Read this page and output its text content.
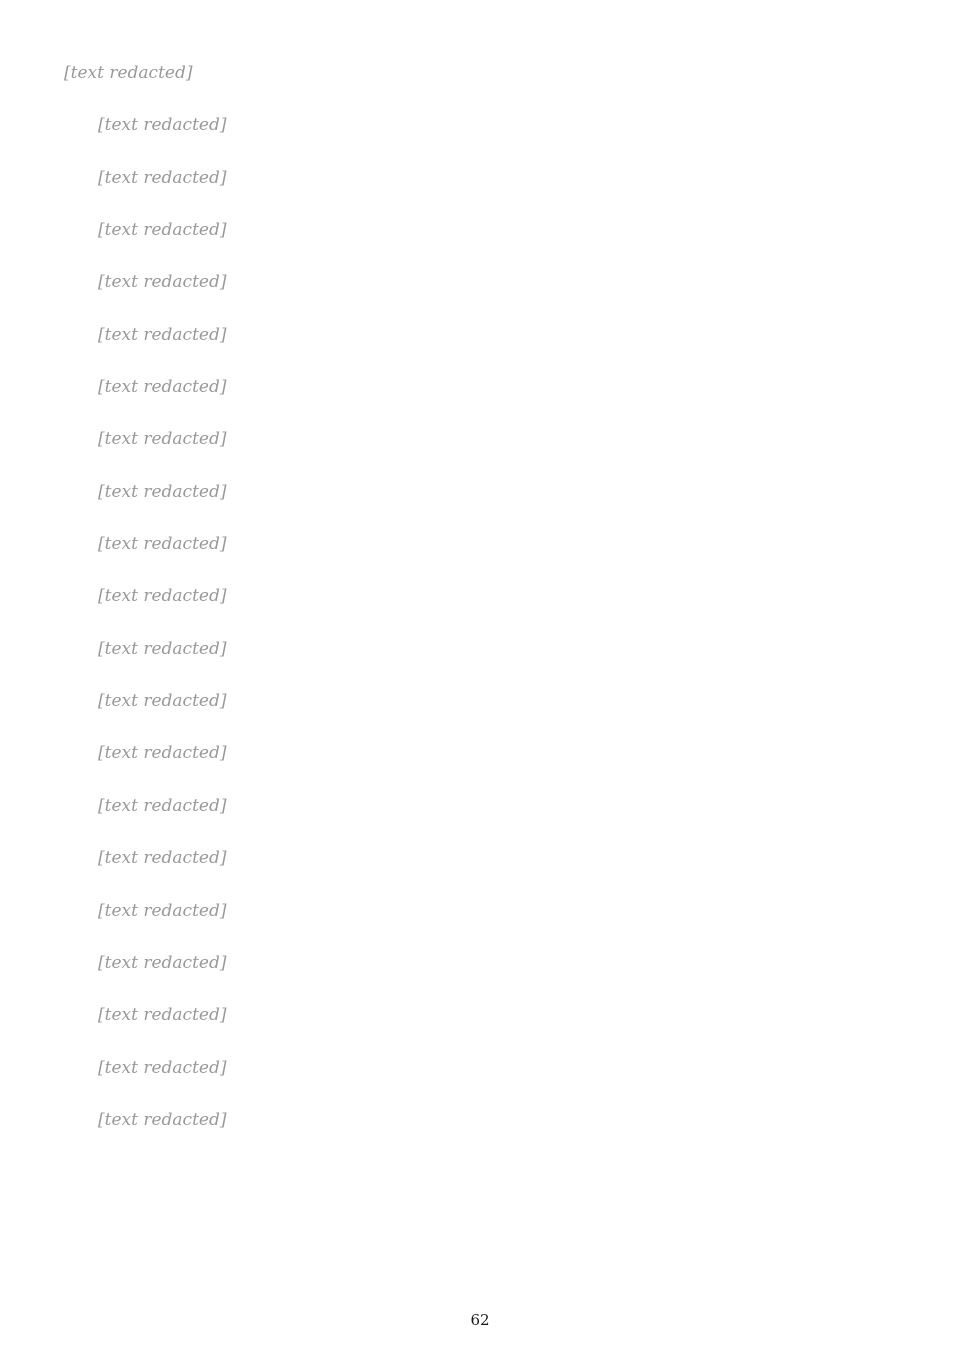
[text redacted]

[text redacted]

[text redacted]

[text redacted]

[text redacted]

[text redacted]

[text redacted]

[text redacted]

[text redacted]

[text redacted]

[text redacted]

[text redacted]

[text redacted]

[text redacted]

[text redacted]

[text redacted]

[text redacted]

[text redacted]

[text redacted]

[text redacted]

[text redacted]

62
